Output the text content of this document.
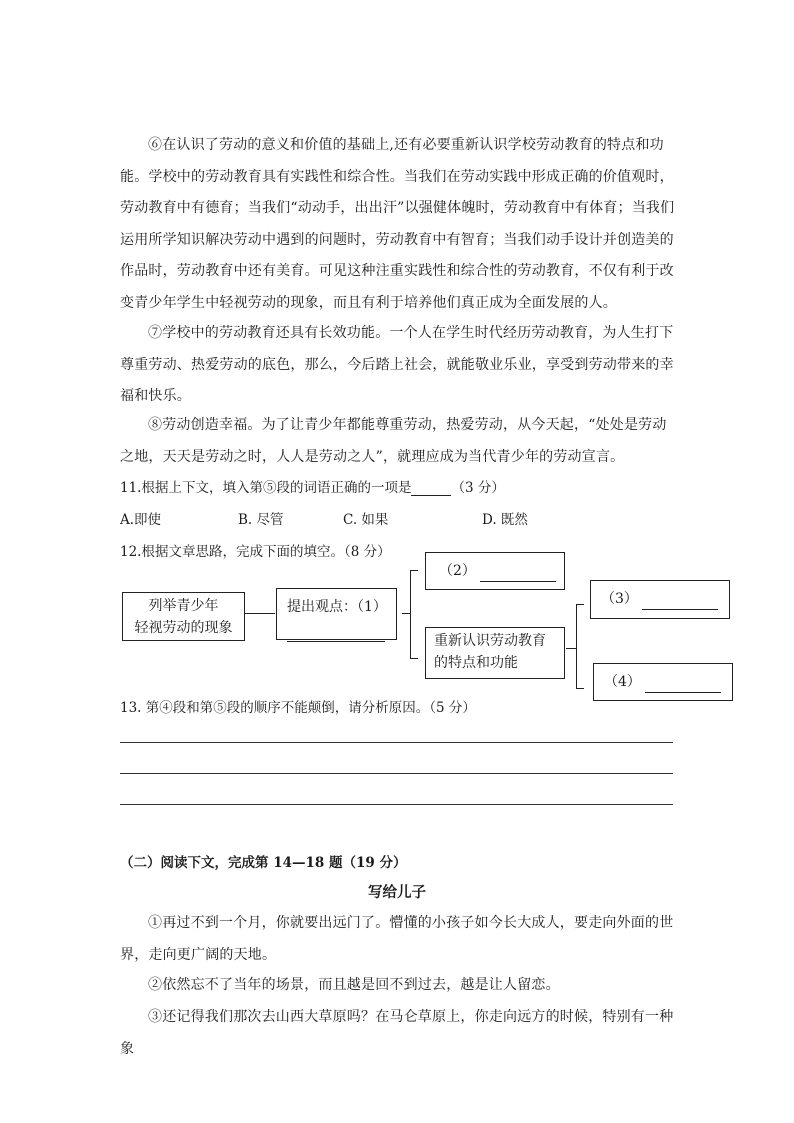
⑥在认识了劳动的意义和价值的基础上,还有必要重新认识学校劳动教育的特点和功能。学校中的劳动教育具有实践性和综合性。当我们在劳动实践中形成正确的价值观时，劳动教育中有德育；当我们“动动手，出出汗”以强健体魄时，劳动教育中有体育；当我们运用所学知识解决劳动中遇到的问题时，劳动教育中有智育；当我们动手设计并创造美的作品时，劳动教育中还有美育。可见这种注重实践性和综合性的劳动教育，不仅有利于改变青少年学生中轻视劳动的现象，而且有利于培养他们真正成为全面发展的人。

⑦学校中的劳动教育还具有长效功能。一个人在学生时代经历劳动教育，为人生打下尊重劳动、热爱劳动的底色，那么，今后踏上社会，就能敬业乐业，享受到劳动带来的幸福和快乐。

⑧劳动创造幸福。为了让青少年都能尊重劳动，热爱劳动，从今天起，“处处是劳动之地，天天是劳动之时，人人是劳动之人”，就理应成为当代青少年的劳动宣言。

11.根据上下文，填入第⑤段的词语正确的一项是	（3 分）
A.即使	B. 尽管	C. 如果	D. 既然
12.根据文章思路，完成下面的填空。（8 分）
列举青少年
轻视劳动的现象
提出观点：（1）
（2）
重新认识劳动教育
的特点和功能
（3）
（4）
13. 第④段和第⑤段的顺序不能颠倒，请分析原因。（5 分）
（二）阅读下文，完成第 14—18 题（19 分）
写给儿子

①再过不到一个月，你就要出远门了。懵懂的小孩子如今长大成人，要走向外面的世界，走向更广阔的天地。

②依然忘不了当年的场景，而且越是回不到过去，越是让人留恋。

③还记得我们那次去山西大草原吗？在马仑草原上，你走向远方的时候，特别有一种象
